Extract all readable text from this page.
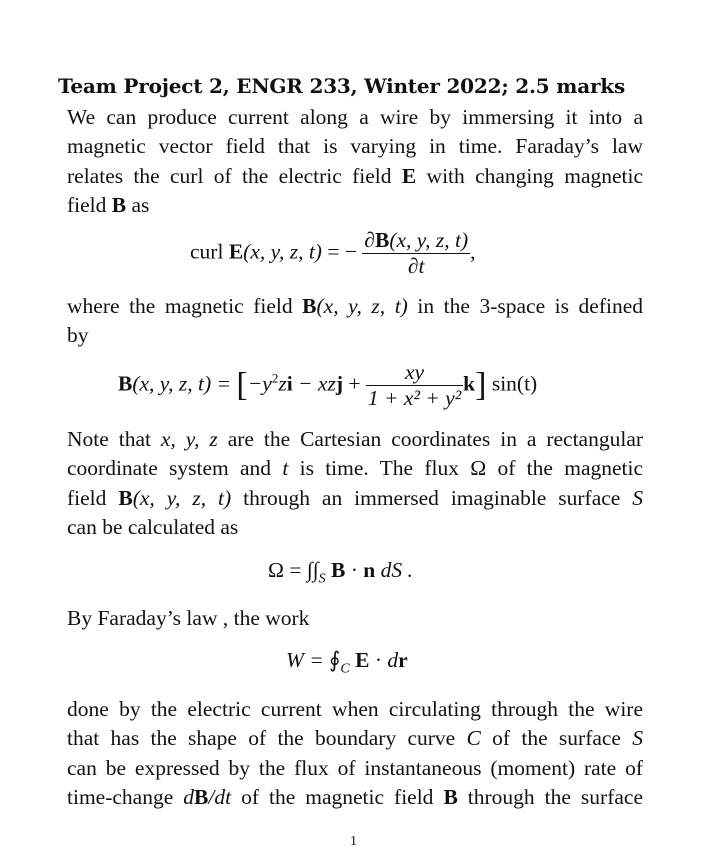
Team Project 2, ENGR 233, Winter 2022; 2.5 marks
We can produce current along a wire by immersing it into a
magnetic vector field that is varying in time. Faraday’s law
relates the curl of the electric field E with changing magnetic
field B as
curl E(x, y, z, t) = − $\frac{\partial B(x, y, z, t)}{\partial t}$ ,
where the magnetic field B(x, y, z, t) in the 3-space is defined
by
B(x, y, z, $t) = [-y^2zi$ − xzj + $\frac{xy}{\text{1 + x² + y²}} k$] sin(t)
Note that x, y, z are the Cartesian coordinates in a rectangular
coordinate system and t is time. The flux Ω of the magnetic
field B(x, y, z, t) through an immersed imaginable surface S
can be calculated as
$\Omega = \int\int_S$ B · n dS .
By Faraday’s law , the work
$W = ∮_C$ E · dr
done by the electric current when circulating through the wire
that has the shape of the boundary curve C of the surface S
can be expressed by the flux of instantaneous (moment) rate of
time-change dB/dt of the magnetic field B through the surface
1
